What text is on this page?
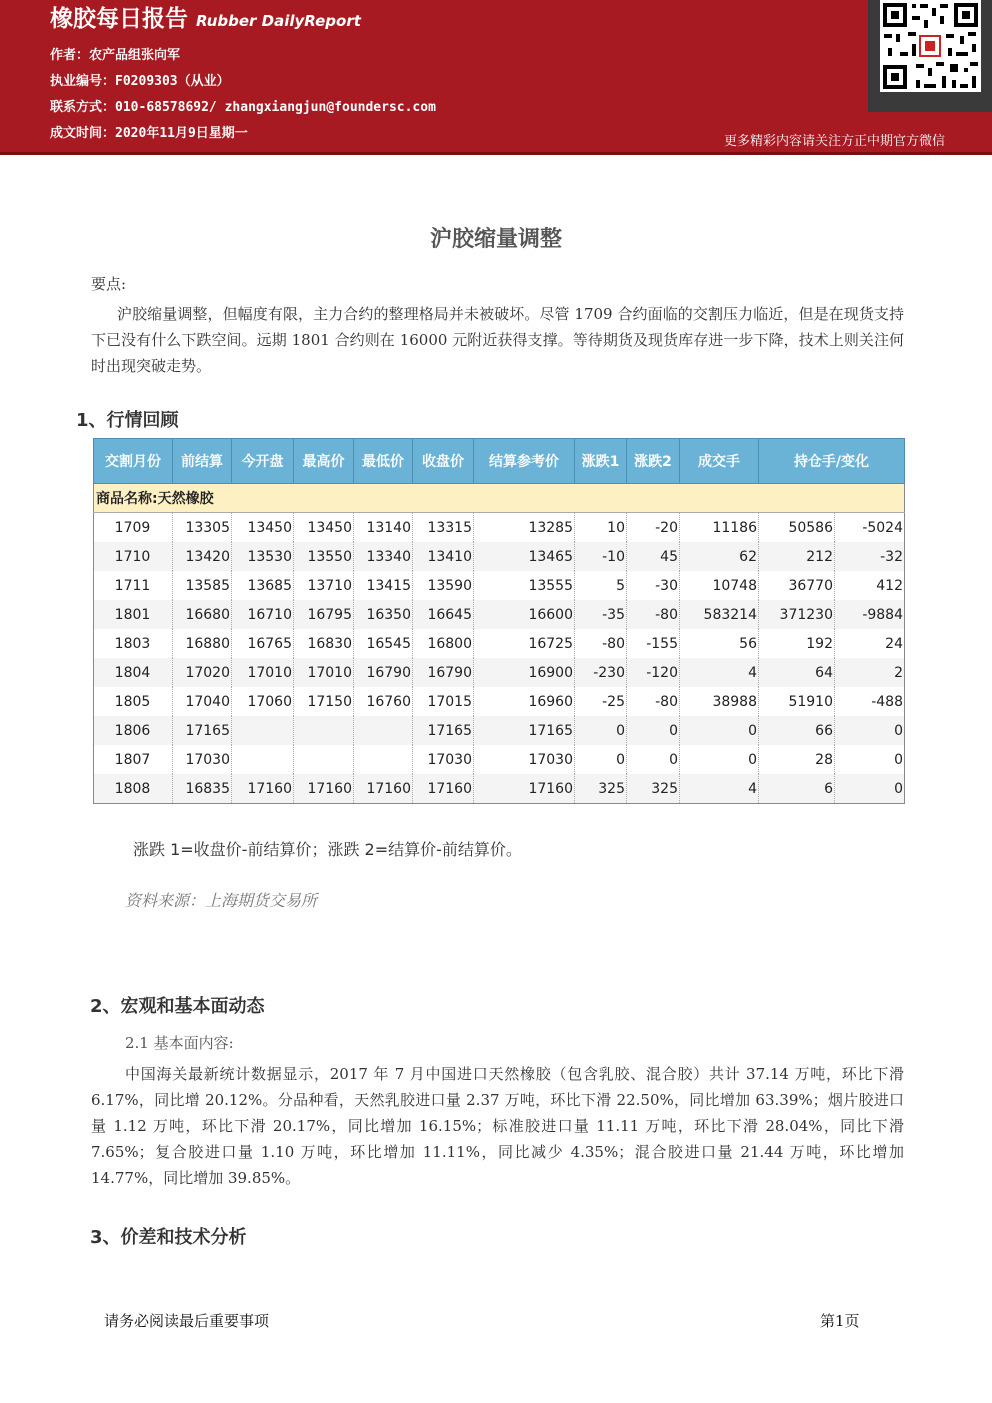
橡胶每日报告 Rubber DailyReport
作者：农产品组张向军
执业编号：F0209303（从业）
联系方式：010-68578692/ zhangxiangjun@foundersc.com
成文时间：2020年11月9日星期一
更多精彩内容请关注方正中期官方微信
沪胶缩量调整
要点:
沪胶缩量调整，但幅度有限，主力合约的整理格局并未被破坏。尽管 1709 合约面临的交割压力临近，但是在现货支持下已没有什么下跌空间。远期 1801 合约则在 16000 元附近获得支撑。等待期货及现货库存进一步下降，技术上则关注何时出现突破走势。
1、行情回顾
交割月份	前结算	今开盘	最高价	最低价	收盘价	结算参考价	涨跌1	涨跌2	成交手	持仓手/变化	
商品名称:天然橡胶											
1709	13305	13450	13450	13140	13315	13285	10	-20	11186	50586	-5024
1710	13420	13530	13550	13340	13410	13465	-10	45	62	212	-32
1711	13585	13685	13710	13415	13590	13555	5	-30	10748	36770	412
1801	16680	16710	16795	16350	16645	16600	-35	-80	583214	371230	-9884
1803	16880	16765	16830	16545	16800	16725	-80	-155	56	192	24
1804	17020	17010	17010	16790	16790	16900	-230	-120	4	64	2
1805	17040	17060	17150	16760	17015	16960	-25	-80	38988	51910	-488
1806	17165				17165	17165	0	0	0	66	0
1807	17030				17030	17030	0	0	0	28	0
1808	16835	17160	17160	17160	17160	17160	325	325	4	6	0
涨跌 1=收盘价-前结算价；涨跌 2=结算价-前结算价。
资料来源：上海期货交易所
2、宏观和基本面动态
2.1 基本面内容:
中国海关最新统计数据显示，2017 年 7 月中国进口天然橡胶（包含乳胶、混合胶）共计 37.14 万吨，环比下滑 6.17%，同比增 20.12%。分品种看，天然乳胶进口量 2.37 万吨，环比下滑 22.50%，同比增加 63.39%；烟片胶进口量 1.12 万吨，环比下滑 20.17%，同比增加 16.15%；标准胶进口量 11.11 万吨，环比下滑 28.04%，同比下滑 7.65%；复合胶进口量 1.10 万吨，环比增加 11.11%，同比减少 4.35%；混合胶进口量 21.44 万吨，环比增加 14.77%，同比增加 39.85%。
3、价差和技术分析
请务必阅读最后重要事项	第1页
